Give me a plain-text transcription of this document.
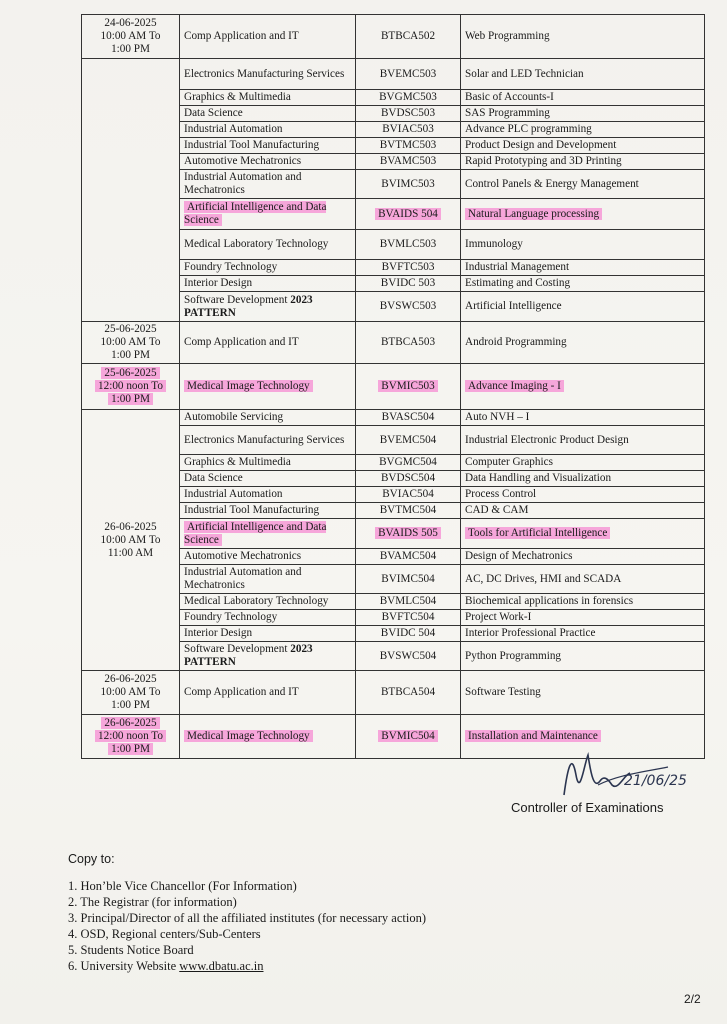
24-06-2025
10:00 AM To
1:00 PM	Comp Application and IT	BTBCA502	Web Programming
	Electronics Manufacturing Services	BVEMC503	Solar and LED Technician
	Graphics & Multimedia	BVGMC503	Basic of Accounts-I
	Data Science	BVDSC503	SAS Programming
	Industrial Automation	BVIAC503	Advance PLC programming
	Industrial Tool Manufacturing	BVTMC503	Product Design and Development
	Automotive Mechatronics	BVAMC503	Rapid Prototyping and 3D Printing
	Industrial Automation and Mechatronics	BVIMC503	Control Panels & Energy Management
	Artificial Intelligence and Data Science	BVAIDS 504	Natural Language processing
	Medical Laboratory Technology	BVMLC503	Immunology
	Foundry Technology	BVFTC503	Industrial Management
	Interior Design	BVIDC 503	Estimating and Costing
	Software Development 2023
PATTERN	BVSWC503	Artificial Intelligence
25-06-2025
10:00 AM To
1:00 PM	Comp Application and IT	BTBCA503	Android Programming
25-06-2025
12:00 noon To
1:00 PM	Medical Image Technology	BVMIC503	Advance Imaging - I
26-06-2025
10:00 AM To
11:00 AM	Automobile Servicing	BVASC504	Auto NVH – I
	Electronics Manufacturing Services	BVEMC504	Industrial Electronic Product Design
	Graphics & Multimedia	BVGMC504	Computer Graphics
	Data Science	BVDSC504	Data Handling and Visualization
	Industrial Automation	BVIAC504	Process Control
	Industrial Tool Manufacturing	BVTMC504	CAD & CAM
	Artificial Intelligence and Data Science	BVAIDS 505	Tools for Artificial Intelligence
	Automotive Mechatronics	BVAMC504	Design of Mechatronics
	Industrial Automation and Mechatronics	BVIMC504	AC, DC Drives, HMI and SCADA
	Medical Laboratory Technology	BVMLC504	Biochemical applications in forensics
	Foundry Technology	BVFTC504	Project Work-I
	Interior Design	BVIDC 504	Interior Professional Practice
	Software Development 2023
PATTERN	BVSWC504	Python Programming
26-06-2025
10:00 AM To
1:00 PM	Comp Application and IT	BTBCA504	Software Testing
26-06-2025
12:00 noon To
1:00 PM	Medical Image Technology	BVMIC504	Installation and Maintenance
21/06/25
Controller of Examinations
Copy to:
1. Hon’ble Vice Chancellor (For Information)
2. The Registrar (for information)
3. Principal/Director of all the affiliated institutes (for necessary action)
4. OSD, Regional centers/Sub-Centers
5. Students Notice Board
6. University Website www.dbatu.ac.in
2/2
